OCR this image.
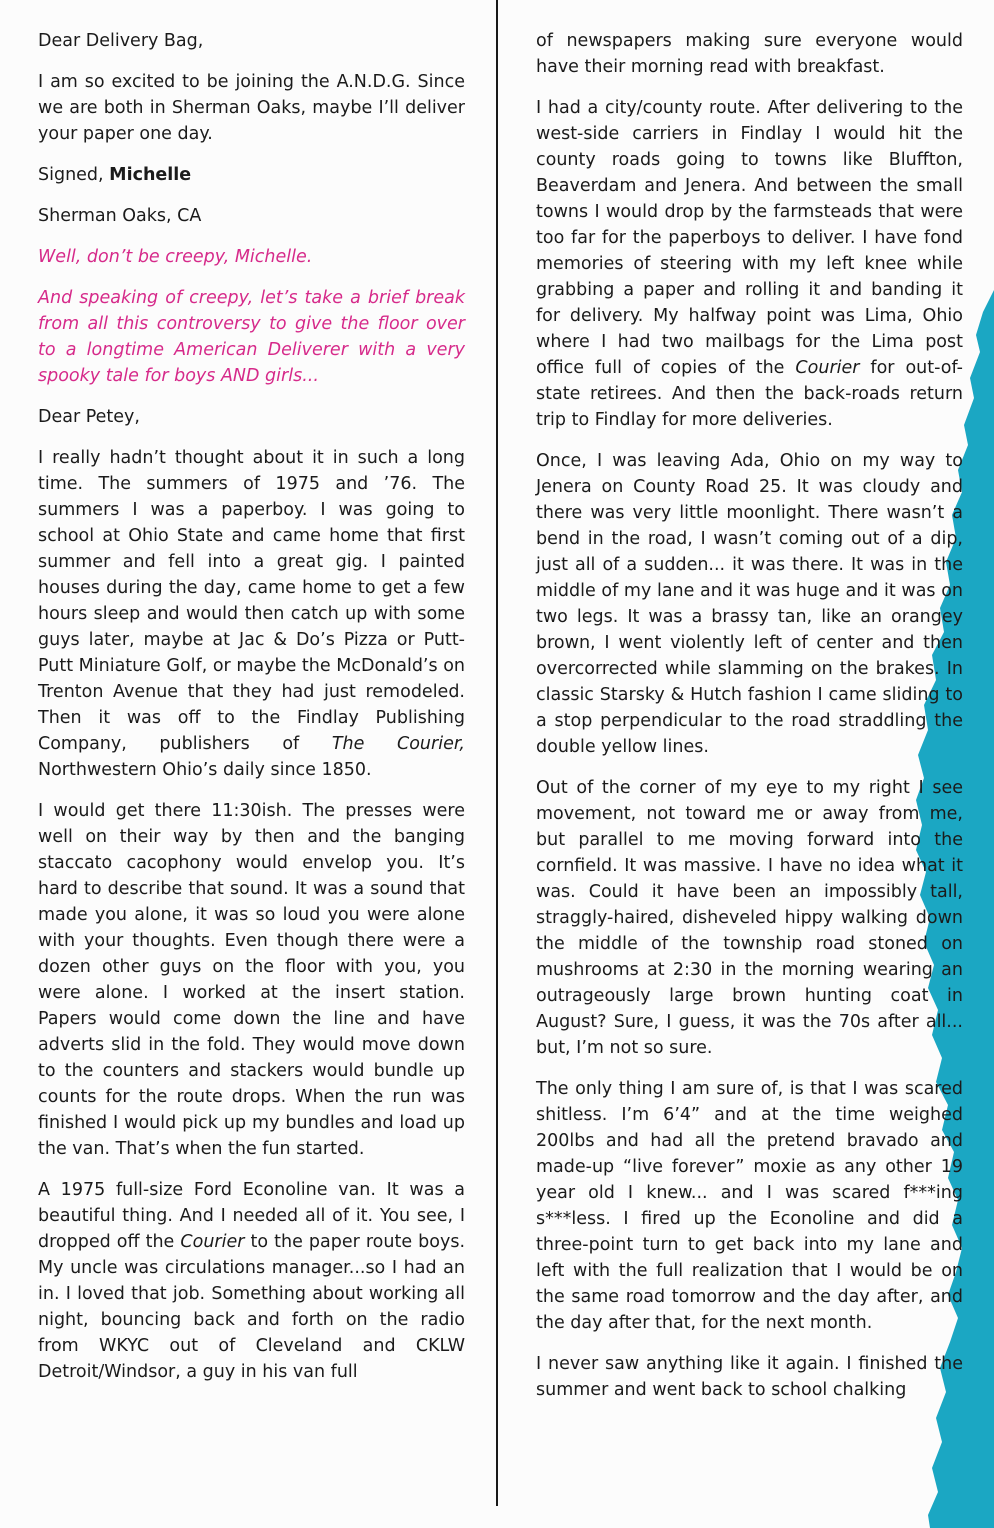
Dear Delivery Bag,

I am so excited to be joining the A.N.D.G. Since we are both in Sherman Oaks, maybe I’ll deliver your paper one day.

Signed, Michelle

Sherman Oaks, CA

Well, don’t be creepy, Michelle.

And speaking of creepy, let’s take a brief break from all this controversy to give the floor over to a longtime American Deliverer with a very spooky tale for boys AND girls...

Dear Petey,

I really hadn’t thought about it in such a long time. The summers of 1975 and ’76. The summers I was a paperboy. I was going to school at Ohio State and came home that first summer and fell into a great gig. I painted houses during the day, came home to get a few hours sleep and would then catch up with some guys later, maybe at Jac & Do’s Pizza or Putt-Putt Miniature Golf, or maybe the McDonald’s on Trenton Avenue that they had just remodeled. Then it was off to the Findlay Publishing Company, publishers of The Courier, Northwestern Ohio’s daily since 1850.

I would get there 11:30ish. The presses were well on their way by then and the banging staccato cacophony would envelop you. It’s hard to describe that sound. It was a sound that made you alone, it was so loud you were alone with your thoughts. Even though there were a dozen other guys on the floor with you, you were alone. I worked at the insert station. Papers would come down the line and have adverts slid in the fold. They would move down to the counters and stackers would bundle up counts for the route drops. When the run was finished I would pick up my bundles and load up the van. That’s when the fun started.

A 1975 full-size Ford Econoline van. It was a beautiful thing. And I needed all of it. You see, I dropped off the Courier to the paper route boys. My uncle was circulations manager...so I had an in. I loved that job. Something about working all night, bouncing back and forth on the radio from WKYC out of Cleveland and CKLW Detroit/Windsor, a guy in his van full

of newspapers making sure everyone would have their morning read with breakfast.

I had a city/county route. After delivering to the west-side carriers in Findlay I would hit the county roads going to towns like Bluffton, Beaverdam and Jenera. And between the small towns I would drop by the farmsteads that were too far for the paperboys to deliver. I have fond memories of steering with my left knee while grabbing a paper and rolling it and banding it for delivery. My halfway point was Lima, Ohio where I had two mailbags for the Lima post office full of copies of the Courier for out-of-state retirees. And then the back-roads return trip to Findlay for more deliveries.

Once, I was leaving Ada, Ohio on my way to Jenera on County Road 25. It was cloudy and there was very little moonlight. There wasn’t a bend in the road, I wasn’t coming out of a dip, just all of a sudden... it was there. It was in the middle of my lane and it was huge and it was on two legs. It was a brassy tan, like an orangey brown, I went violently left of center and then overcorrected while slamming on the brakes. In classic Starsky & Hutch fashion I came sliding to a stop perpendicular to the road straddling the double yellow lines.

Out of the corner of my eye to my right I see movement, not toward me or away from me, but parallel to me moving forward into the cornfield. It was massive. I have no idea what it was. Could it have been an impossibly tall, straggly-haired, disheveled hippy walking down the middle of the township road stoned on mushrooms at 2:30 in the morning wearing an outrageously large brown hunting coat in August? Sure, I guess, it was the 70s after all... but, I’m not so sure.

The only thing I am sure of, is that I was scared shitless. I’m 6’4” and at the time weighed 200lbs and had all the pretend bravado and made-up “live forever” moxie as any other 19 year old I knew... and I was scared f***ing s***less. I fired up the Econoline and did a three-point turn to get back into my lane and left with the full realization that I would be on the same road tomorrow and the day after, and the day after that, for the next month.

I never saw anything like it again. I finished the summer and went back to school chalking
